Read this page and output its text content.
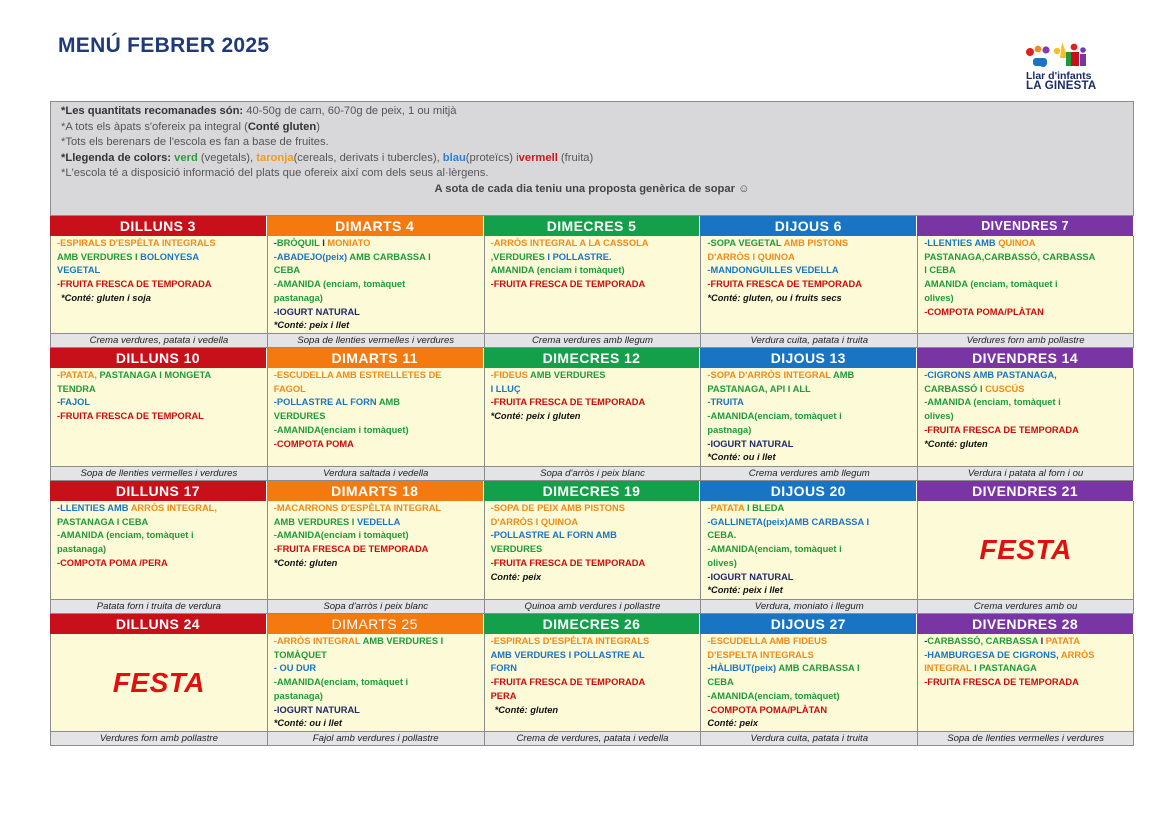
MENÚ FEBRER 2025
Llar d'infants
LA GINESTA
*Les quantitats recomanades són: 40-50g de carn, 60-70g de peix, 1 ou mitjà
*A tots els àpats s'ofereix pa integral (Conté gluten)
*Tots els berenars de l'escola es fan a base de fruites.
*Llegenda de colors: verd (vegetals), taronja(cereals, derivats i tubercles), blau(proteïcs) ivermell (fruita)
*L'escola té a disposició informació del plats que ofereix així com dels seus al·lèrgens.
A sota de cada dia teniu una proposta genèrica de sopar ☺
DILLUNS 3
-ESPIRALS D'ESPÈLTA INTEGRALS
AMB VERDURES I BOLONYESA
VEGETAL
-FRUITA FRESCA DE TEMPORADA
*Conté: gluten i soja
Crema verdures, patata i vedella
DIMARTS 4
-BRÒQUIL I MONIATO
-ABADEJO(peix) AMB CARBASSA I
CEBA
-AMANIDA (enciam, tomàquet
pastanaga)
-IOGURT NATURAL
*Conté: peix i llet
Sopa de llenties vermelles i verdures
DIMECRES 5
-ARRÒS INTEGRAL A LA CASSOLA
,VERDURES I POLLASTRE.
AMANIDA (enciam i tomàquet)
-FRUITA FRESCA DE TEMPORADA
Crema verdures amb llegum
DIJOUS 6
-SOPA VEGETAL AMB PISTONS
D'ARRÒS I QUINOA
-MANDONGUILLES VEDELLA
-FRUITA FRESCA DE TEMPORADA
*Conté: gluten, ou i fruits secs
Verdura cuita, patata i truita
DIVENDRES 7
-LLENTIES AMB QUINOA
PASTANAGA,CARBASSÓ, CARBASSA
I CEBA
AMANIDA (enciam, tomàquet i
olives)
-COMPOTA POMA/PLÀTAN
Verdures forn amb pollastre
DILLUNS 10
-PATATA, PASTANAGA I MONGETA
TENDRA
-FAJOL
-FRUITA FRESCA DE TEMPORAL
Sopa de llenties vermelles i verdures
DIMARTS 11
-ESCUDELLA AMB ESTRELLETES DE
FAGOL
-POLLASTRE AL FORN AMB
VERDURES
-AMANIDA(enciam i tomàquet)
-COMPOTA POMA
Verdura saltada i vedella
DIMECRES 12
-FIDEUS AMB VERDURES
I LLUÇ
-FRUITA FRESCA DE TEMPORADA
*Conté: peix i gluten
Sopa d'arròs i peix blanc
DIJOUS 13
-SOPA D'ARRÒS INTEGRAL AMB
PASTANAGA, API I ALL
-TRUITA
-AMANIDA(enciam, tomàquet i
pastnaga)
-IOGURT NATURAL
*Conté: ou i llet
Crema verdures amb llegum
DIVENDRES 14
-CIGRONS AMB PASTANAGA,
CARBASSÓ I CUSCÚS
-AMANIDA (enciam, tomàquet i
olives)
-FRUITA FRESCA DE TEMPORADA
*Conté: gluten
Verdura i patata al forn i ou
DILLUNS 17
-LLENTIES AMB ARRÒS INTEGRAL,
PASTANAGA I CEBA
-AMANIDA (enciam, tomàquet i
pastanaga)
-COMPOTA POMA /PERA
Patata forn i truita de verdura
DIMARTS 18
-MACARRONS D'ESPÈLTA INTEGRAL
AMB VERDURES I VEDELLA
-AMANIDA(enciam i tomàquet)
-FRUITA FRESCA DE TEMPORADA
*Conté: gluten
Sopa d'arròs i peix blanc
DIMECRES 19
-SOPA DE PEIX AMB PISTONS
D'ARRÒS I QUINOA
-POLLASTRE AL FORN AMB
VERDURES
-FRUITA FRESCA DE TEMPORADA
Conté: peix
Quinoa amb verdures i pollastre
DIJOUS 20
-PATATA I BLEDA
-GALLINETA(peix)AMB CARBASSA I
CEBA.
-AMANIDA(enciam, tomàquet i
olives)
-IOGURT NATURAL
*Conté: peix i llet
Verdura, moniato i llegum
DIVENDRES 21
FESTA
Crema verdures amb ou
DILLUNS 24
FESTA
Verdures forn amb pollastre
DIMARTS 25
-ARRÒS INTEGRAL AMB VERDURES I
TOMÀQUET
- OU DUR
-AMANIDA(enciam, tomàquet i
pastanaga)
-IOGURT NATURAL
*Conté: ou i llet
Fajol amb verdures i pollastre
DIMECRES 26
-ESPIRALS D'ESPÈLTA INTEGRALS
AMB VERDURES I POLLASTRE AL
FORN
-FRUITA FRESCA DE TEMPORADA
PERA
*Conté: gluten
Crema de verdures, patata i vedella
DIJOUS 27
-ESCUDELLA AMB FIDEUS
D'ESPELTA INTEGRALS
-HÀLIBUT(peix) AMB CARBASSA I
CEBA
-AMANIDA(enciam, tomàquet)
-COMPOTA POMA/PLÀTAN
Conté: peix
Verdura cuita, patata i truita
DIVENDRES 28
-CARBASSÓ, CARBASSA I PATATA
-HAMBURGESA DE CIGRONS, ARRÒS
INTEGRAL I PASTANAGA
-FRUITA FRESCA DE TEMPORADA
Sopa de llenties vermelles i verdures
